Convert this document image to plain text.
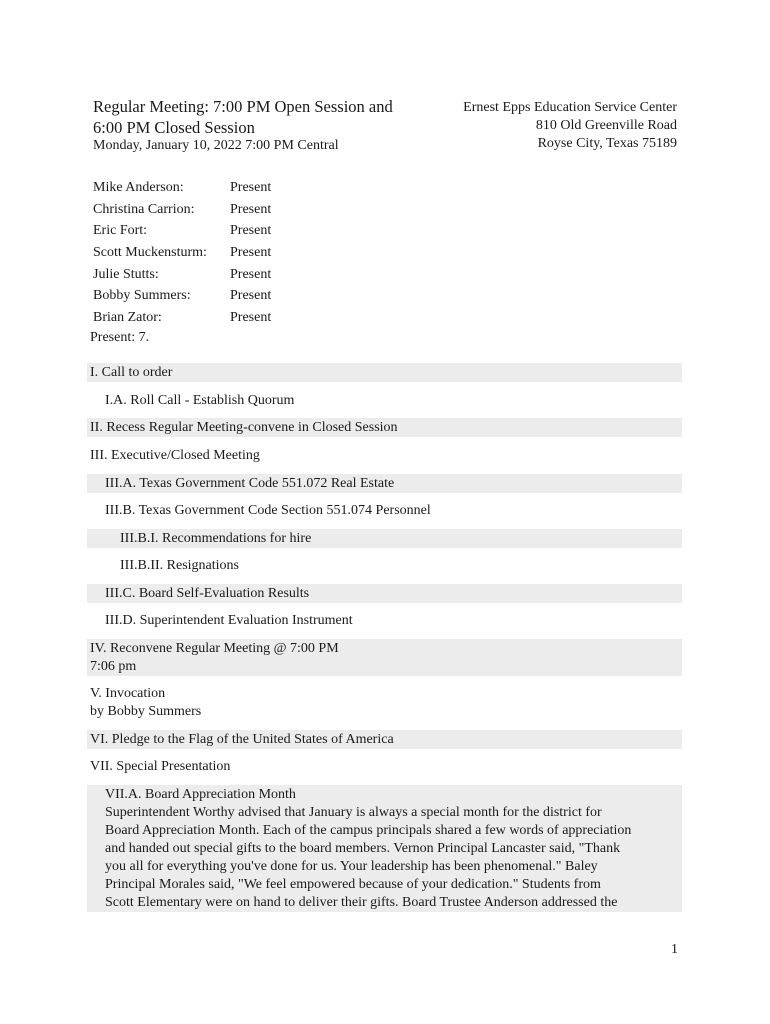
Regular Meeting: 7:00 PM Open Session and 6:00 PM Closed Session
Monday, January 10, 2022 7:00 PM Central
Ernest Epps Education Service Center
810 Old Greenville Road
Royse City, Texas 75189
Mike Anderson:	Present
Christina Carrion:	Present
Eric Fort:	Present
Scott Muckensturm:	Present
Julie Stutts:	Present
Bobby Summers:	Present
Brian Zator:	Present
Present: 7.
1
I. Call to order
I.A. Roll Call - Establish Quorum
II. Recess Regular Meeting-convene in Closed Session
III. Executive/Closed Meeting
III.A. Texas Government Code 551.072 Real Estate
III.B. Texas Government Code Section 551.074 Personnel
III.B.I. Recommendations for hire
III.B.II. Resignations
III.C. Board Self-Evaluation Results
III.D. Superintendent Evaluation Instrument
IV. Reconvene Regular Meeting @ 7:00 PM
7:06 pm
V. Invocation
by Bobby Summers
VI. Pledge to the Flag of the United States of America
VII. Special Presentation
VII.A. Board Appreciation Month
Superintendent Worthy advised that January is always a special month for the district for
Board Appreciation Month. Each of the campus principals shared a few words of appreciation
and handed out special gifts to the board members. Vernon Principal Lancaster said, "Thank
you all for everything you've done for us. Your leadership has been phenomenal." Baley
Principal Morales said, "We feel empowered because of your dedication." Students from
Scott Elementary were on hand to deliver their gifts. Board Trustee Anderson addressed the
